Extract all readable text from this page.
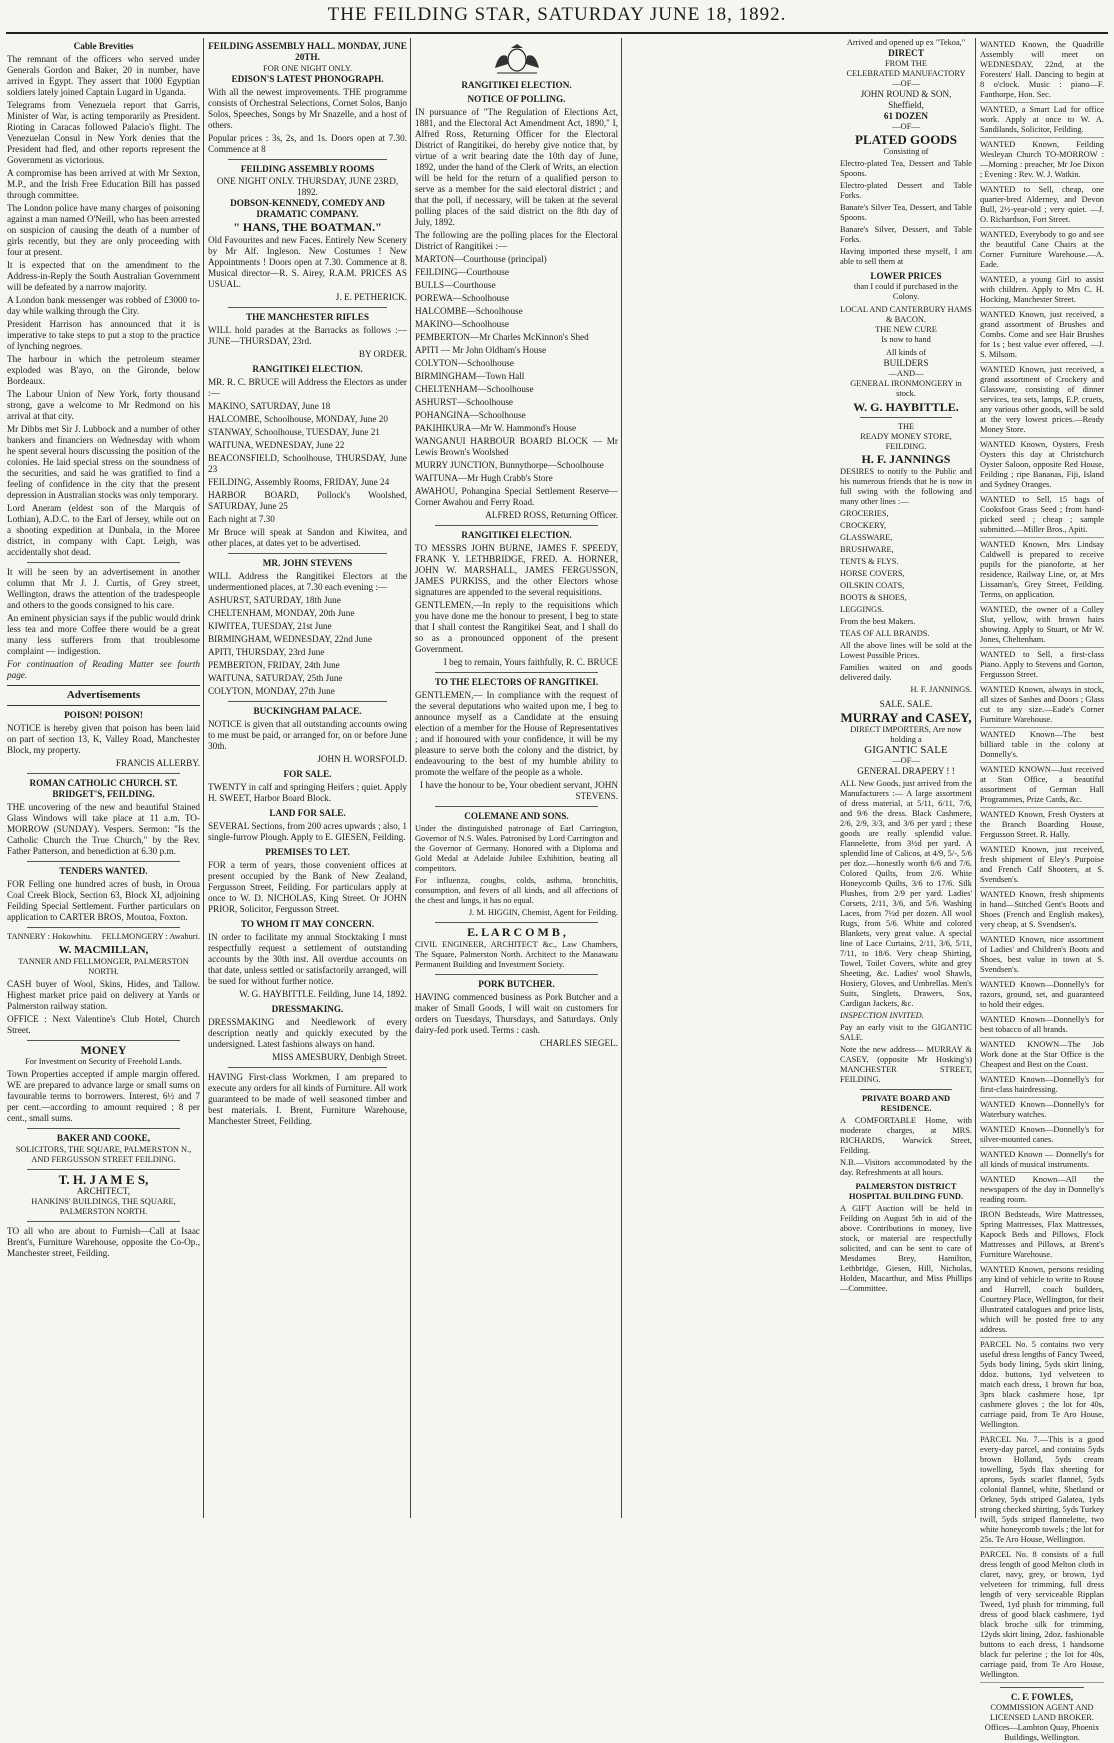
THE FEILDING STAR, SATURDAY JUNE 18, 1892.
Cable Brevities

The remnant of the officers who served under Generals Gordon and Baker, 20 in number, have arrived in Egypt. They assert that 1000 Egyptian soldiers lately joined Captain Lugard in Uganda.

Telegrams from Venezuela report that Garris, Minister of War, is acting temporarily as President. Rioting in Caracas followed Palacio's flight. The Venezuelan Consul in New York denies that the President had fled, and other reports represent the Government as victorious.

A compromise has been arrived at with Mr Sexton, M.P., and the Irish Free Education Bill has passed through committee.

The London police have many charges of poisoning against a man named O'Neill, who has been arrested on suspicion of causing the death of a number of girls recently, but they are only proceeding with four at present.

It is expected that on the amendment to the Address-in-Reply the South Australian Government will be defeated by a narrow majority.

A London bank messenger was robbed of £3000 to-day while walking through the City.

President Harrison has announced that it is imperative to take steps to put a stop to the practice of lynching negroes.

The harbour in which the petroleum steamer exploded was B'ayo, on the Gironde, below Bordeaux.

The Labour Union of New York, forty thousand strong, gave a welcome to Mr Redmond on his arrival at that city.

Mr Dibbs met Sir J. Lubbock and a number of other bankers and financiers on Wednesday with whom he spent several hours discussing the position of the colonies. He laid special stress on the soundness of the securities, and said he was gratified to find a feeling of confidence in the city that the present depression in Australian stocks was only temporary.

Lord Aneram (eldest son of the Marquis of Lothian), A.D.C. to the Earl of Jersey, while out on a shooting expedition at Dunbala, in the Moree district, in company with Capt. Leigh, was accidentally shot dead.

It will be seen by an advertisement in another column that Mr J. J. Curtis, of Grey street, Wellington, draws the attention of the tradespeople and others to the goods consigned to his care.

An eminent physician says if the public would drink less tea and more Coffee there would be a great many less sufferers from that troublesome complaint — indigestion.

For continuation of Reading Matter see fourth page.

Advertisements
POISON! POISON!

NOTICE is hereby given that poison has been laid on part of section 13, K, Valley Road, Manchester Block, my property.

FRANCIS ALLERBY.
ROMAN CATHOLIC CHURCH. ST. BRIDGET'S, FEILDING.

THE uncovering of the new and beautiful Stained Glass Windows will take place at 11 a.m. TO-MORROW (SUNDAY). Vespers. Sermon: "Is the Catholic Church the True Church," by the Rev. Father Patterson, and benediction at 6.30 p.m.

TENDERS WANTED.

FOR Felling one hundred acres of bush, in Oroua Coal Creek Block, Section 63, Block XI, adjoining Feilding Special Settlement. Further particulars on application to CARTER BROS, Moutoa, Foxton.

TANNERY : Hokowhitu. FELLMONGERY : Awahuri.
W. MACMILLAN,
TANNER AND FELLMONGER, PALMERSTON NORTH.

CASH buyer of Wool, Skins, Hides, and Tallow. Highest market price paid on delivery at Yards or Palmerston railway station.

OFFICE : Next Valentine's Club Hotel, Church Street.

MONEY
For Investment on Security of Freehold Lands.

Town Properties accepted if ample margin offered. WE are prepared to advance large or small sums on favourable terms to borrowers. Interest, 6½ and 7 per cent.—according to amount required ; 8 per cent., small sums.

BAKER AND COOKE,
SOLICITORS, THE SQUARE, PALMERSTON N., AND FERGUSSON STREET FEILDING.
T. H. J A M E S,
ARCHITECT,
HANKINS' BUILDINGS, THE SQUARE, PALMERSTON NORTH.

TO all who are about to Furnish—Call at Isaac Brent's, Furniture Warehouse, opposite the Co-Op., Manchester street, Feilding.

FEILDING ASSEMBLY HALL. MONDAY, JUNE 20TH.
FOR ONE NIGHT ONLY.
EDISON'S LATEST PHONOGRAPH.

With all the newest improvements. THE programme consists of Orchestral Selections, Cornet Solos, Banjo Solos, Speeches, Songs by Mr Snazelle, and a host of others.

Popular prices : 3s, 2s, and 1s. Doors open at 7.30. Commence at 8

FEILDING ASSEMBLY ROOMS
ONE NIGHT ONLY. THURSDAY, JUNE 23RD, 1892.
DOBSON-KENNEDY, COMEDY AND DRAMATIC COMPANY.
" HANS, THE BOATMAN."

Old Favourites and new Faces. Entirely New Scenery by Mr Alf. Ingleson. New Costumes ! New Appointments ! Doors open at 7.30. Commence at 8. Musical director—R. S. Airey, R.A.M. PRICES AS USUAL.

J. E. PETHERICK.
THE MANCHESTER RIFLES

WILL hold parades at the Barracks as follows :— JUNE—THURSDAY, 23rd.

BY ORDER.
RANGITIKEI ELECTION.

MR. R. C. BRUCE will Address the Electors as under :—

MAKINO, SATURDAY, June 18

HALCOMBE, Schoolhouse, MONDAY, June 20

STANWAY, Schoolhouse, TUESDAY, June 21

WAITUNA, WEDNESDAY, June 22

BEACONSFIELD, Schoolhouse, THURSDAY, June 23

FEILDING, Assembly Rooms, FRIDAY, June 24

HARBOR BOARD, Pollock's Woolshed, SATURDAY, June 25

Each night at 7.30

Mr Bruce will speak at Sandon and Kiwitea, and other places, at dates yet to be advertised.

MR. JOHN STEVENS

WILL Address the Rangitikei Electors at the undermentioned places, at 7.30 each evening :—

ASHURST, SATURDAY, 18th June

CHELTENHAM, MONDAY, 20th June

KIWITEA, TUESDAY, 21st June

BIRMINGHAM, WEDNESDAY, 22nd June

APITI, THURSDAY, 23rd June

PEMBERTON, FRIDAY, 24th June

WAITUNA, SATURDAY, 25th June

COLYTON, MONDAY, 27th June

BUCKINGHAM PALACE.

NOTICE is given that all outstanding accounts owing to me must be paid, or arranged for, on or before June 30th.

JOHN H. WORSFOLD.
FOR SALE.

TWENTY in calf and springing Heifers ; quiet. Apply H. SWEET, Harbor Board Block.

LAND FOR SALE.

SEVERAL Sections, from 200 acres upwards ; also, 1 single-furrow Plough. Apply to E. GIESEN, Feilding.

PREMISES TO LET.

FOR a term of years, those convenient offices at present occupied by the Bank of New Zealand, Fergusson Street, Feilding. For particulars apply at once to W. D. NICHOLAS, King Street. Or JOHN PRIOR, Solicitor, Fergusson Street.

TO WHOM IT MAY CONCERN.

IN order to facilitate my annual Stocktaking I must respectfully request a settlement of outstanding accounts by the 30th inst. All overdue accounts on that date, unless settled or satisfactorily arranged, will be sued for without further notice.

W. G. HAYBITTLE. Feilding, June 14, 1892.
DRESSMAKING.

DRESSMAKING and Needlework of every description neatly and quickly executed by the undersigned. Latest fashions always on hand.

MISS AMESBURY, Denbigh Street.

HAVING First-class Workmen, I am prepared to execute any orders for all kinds of Furniture. All work guaranteed to be made of well seasoned timber and best materials. I. Brent, Furniture Warehouse, Manchester Street, Feilding.

RANGITIKEI ELECTION.
NOTICE OF POLLING.

IN pursuance of "The Regulation of Elections Act, 1881, and the Electoral Act Amendment Act, 1890," I, Alfred Ross, Returning Officer for the Electoral District of Rangitikei, do hereby give notice that, by virtue of a writ bearing date the 10th day of June, 1892, under the hand of the Clerk of Writs, an election will be held for the return of a qualified person to serve as a member for the said electoral district ; and that the poll, if necessary, will be taken at the several polling places of the said district on the 8th day of July, 1892.

The following are the polling places for the Electoral District of Rangitikei :—

MARTON—Courthouse (principal)

FEILDING—Courthouse

BULLS—Courthouse

POREWA—Schoolhouse

HALCOMBE—Schoolhouse

MAKINO—Schoolhouse

PEMBERTON—Mr Charles McKinnon's Shed

APITI — Mr John Oldham's House

COLYTON—Schoolhouse

BIRMINGHAM—Town Hall

CHELTENHAM—Schoolhouse

ASHURST—Schoolhouse

POHANGINA—Schoolhouse

PAKIHIKURA—Mr W. Hammond's House

WANGANUI HARBOUR BOARD BLOCK — Mr Lewis Brown's Woolshed

MURRY JUNCTION, Bunnythorpe—Schoolhouse

WAITUNA—Mr Hugh Crabb's Store

AWAHOU, Pohangina Special Settlement Reserve—Corner Awahou and Ferry Road.

ALFRED ROSS, Returning Officer.
RANGITIKEI ELECTION.

TO MESSRS JOHN BURNE, JAMES F. SPEEDY, FRANK Y. LETHBRIDGE, FRED. A. HORNER, JOHN W. MARSHALL, JAMES FERGUSSON, JAMES PURKISS, and the other Electors whose signatures are appended to the several requisitions.

GENTLEMEN,—In reply to the requisitions which you have done me the honour to present, I beg to state that I shall contest the Rangitikei Seat, and I shall do so as a pronounced opponent of the present Government.

I beg to remain, Yours faithfully, R. C. BRUCE
TO THE ELECTORS OF RANGITIKEI.

GENTLEMEN,— In compliance with the request of the several deputations who waited upon me, I beg to announce myself as a Candidate at the ensuing election of a member for the House of Representatives ; and if honoured with your confidence, it will be my pleasure to serve both the colony and the district, by endeavouring to the best of my humble ability to promote the welfare of the people as a whole.

I have the honour to be, Your obedient servant, JOHN STEVENS.
COLEMANE AND SONS.

Under the distinguished patronage of Earl Carrington, Governor of N.S. Wales. Patronised by Lord Carrington and the Governor of Germany. Honored with a Diploma and Gold Medal at Adelaide Jubilee Exhibition, beating all competitors.

For influenza, coughs, colds, asthma, bronchitis, consumption, and fevers of all kinds, and all affections of the chest and lungs, it has no equal.

J. M. HIGGIN, Chemist, Agent for Feilding.
E. L A R C O M B ,

CIVIL ENGINEER, ARCHITECT &c., Law Chambers, The Square, Palmerston North. Architect to the Manawatu Permanent Building and Investment Society.

PORK BUTCHER.

HAVING commenced business as Pork Butcher and a maker of Small Goods, I will wait on customers for orders on Tuesdays, Thursdays, and Saturdays. Only dairy-fed pork used. Terms : cash.

CHARLES SIEGEL.
Arrived and opened up ex "Tekoa,"
DIRECT
FROM THE
CELEBRATED MANUFACTORY
—OF—
JOHN ROUND & SON,
Sheffield,
61 DOZEN
—OF—
PLATED GOODS
Consisting of

Electro-plated Tea, Dessert and Table Spoons.

Electro-plated Dessert and Table Forks.

Banare's Silver Tea, Dessert, and Table Spoons.

Banare's Silver, Dessert, and Table Forks.

Having imported these myself, I am able to sell them at

LOWER PRICES
than I could if purchased in the Colony.
LOCAL AND CANTERBURY HAMS & BACON.
THE NEW CURE
Is now to hand
All kinds of
BUILDERS
—AND—
GENERAL IRONMONGERY in stock.
W. G. HAYBITTLE.
THE
READY MONEY STORE, FEILDING.
H. F. JANNINGS

DESIRES to notify to the Public and his numerous friends that he is now in full swing with the following and many other lines :—

GROCERIES,

CROCKERY,

GLASSWARE,

BRUSHWARE,

TENTS & FLYS.

HORSE COVERS,

OILSKIN COATS,

BOOTS & SHOES,

LEGGINGS.

From the best Makers.

TEAS OF ALL BRANDS.

All the above lines will be sold at the Lowest Possible Prices.

Families waited on and goods delivered daily.

H. F. JANNINGS.
SALE. SALE.
MURRAY and CASEY,
DIRECT IMPORTERS, Are now holding a
GIGANTIC SALE
—OF—
GENERAL DRAPERY ! !

ALL New Goods, just arrived from the Manufacturers :— A large assortment of dress material, at 5/11, 6/11, 7/6, and 9/6 the dress. Black Cashmere, 2/6, 2/9, 3/3, and 3/6 per yard ; these goods are really splendid value. Flannelette, from 3½d per yard. A splendid line of Calicos, at 4/9, 5/-, 5/6 per doz.—honestly worth 6/6 and 7/6. Colored Quilts, from 2/6. White Honeycomb Quilts, 3/6 to 17/6. Silk Plushes, from 2/9 per yard. Ladies' Corsets, 2/11, 3/6, and 5/6. Washing Laces, from 7½d per dozen. All wool Rugs, from 5/6. White and colored Blankets, very great value. A special line of Lace Curtains, 2/11, 3/6, 5/11, 7/11, to 18/6. Very cheap Shirting, Towel, Toilet Covers, white and grey Sheeting, &c. Ladies' wool Shawls, Hosiery, Gloves, and Umbrellas. Men's Suits, Singlets, Drawers, Sox, Cardigan Jackets, &c.

INSPECTION INVITED.

Pay an early visit to the GIGANTIC SALE.

Note the new address— MURRAY & CASEY, (opposite Mr Hosking's) MANCHESTER STREET, FEILDING.

PRIVATE BOARD AND RESIDENCE.

A COMFORTABLE Home, with moderate charges, at MRS. RICHARDS, Warwick Street, Feilding.

N.B.—Visitors accommodated by the day. Refreshments at all hours.

PALMERSTON DISTRICT HOSPITAL BUILDING FUND.

A GIFT Auction will be held in Feilding on August 5th in aid of the above. Contributions in money, live stock, or material are respectfully solicited, and can be sent to care of Mesdames Brey, Hamilton, Lethbridge, Giesen, Hill, Nicholas, Holden, Macarthur, and Miss Phillips—Committee.

WANTED Known, the Quadrille Assembly will meet on WEDNESDAY, 22nd, at the Foresters' Hall. Dancing to begin at 8 o'clock. Music : piano—F. Fanthorpe, Hon. Sec.

WANTED, a Smart Lad for office work. Apply at once to W. A. Sandilands, Solicitor, Feilding.

WANTED Known, Feilding Wesleyan Church TO-MORROW :—Morning : preacher, Mr Joe Dixon ; Evening : Rev. W. J. Watkin.

WANTED to Sell, cheap, one quarter-bred Alderney, and Devon Bull, 2½-year-old ; very quiet. —J. O. Richardson, Fort Street.

WANTED, Everybody to go and see the beautiful Cane Chairs at the Corner Furniture Warehouse.—A. Eade.

WANTED, a young Girl to assist with children. Apply to Mrs C. H. Hocking, Manchester Street.

WANTED Known, just received, a grand assortment of Brushes and Combs. Come and see Hair Brushes for 1s ; best value ever offered, —J. S. Milsom.

WANTED Known, just received, a grand assortment of Crockery and Glassware, consisting of dinner services, tea sets, lamps, E.P. cruets, any various other goods, will be sold at the very lowest prices.—Ready Money Store.

WANTED Known, Oysters, Fresh Oysters this day at Christchurch Oyster Saloon, opposite Red House, Feilding ; ripe Bananas, Fiji, Island and Sydney Oranges.

WANTED to Sell, 15 bags of Cooksfoot Grass Seed ; from hand-picked seed ; cheap ; sample submitted.—Miller Bros., Apiti.

WANTED Known, Mrs Lindsay Caldwell is prepared to receive pupils for the pianoforte, at her residence, Railway Line, or, at Mrs Lissaman's, Grey Street, Feilding. Terms, on application.

WANTED, the owner of a Colley Slut, yellow, with brown hairs showing. Apply to Stuart, or Mr W. Jones, Cheltenham.

WANTED to Sell, a first-class Piano. Apply to Stevens and Gorton, Fergusson Street.

WANTED Known, always in stock, all sizes of Sashes and Doors ; Glass cut to any size.—Eade's Corner Furniture Warehouse.

WANTED Known—The best billiard table in the colony at Donnelly's.

WANTED KNOWN—Just received at Stan Office, a beautiful assortment of German Hall Programmes, Prize Cards, &c.

WANTED Known, Fresh Oysters at the Branch Boarding House, Fergusson Street. R. Hally.

WANTED Known, just received, fresh shipment of Eley's Purpoise and French Calf Shooters, at S. Svendsen's.

WANTED Known, fresh shipments in hand—Stitched Gent's Boots and Shoes (French and English makes), very cheap, at S. Svendsen's.

WANTED Known, nice assortment of Ladies' and Children's Boots and Shoes, best value in town at S. Svendsen's.

WANTED Known—Donnelly's for razors, ground, set, and guaranteed to hold their edges.

WANTED Known—Donnelly's for best tobacco of all brands.

WANTED KNOWN—The Job Work done at the Star Office is the Cheapest and Best on the Coast.

WANTED Known—Donnelly's for first-class hairdressing.

WANTED Known—Donnelly's for Waterbury watches.

WANTED Known—Donnelly's for silver-mounted canes.

WANTED Known — Donnelly's for all kinds of musical instruments.

WANTED Known—All the newspapers of the day in Donnelly's reading room.

IRON Bedsteads, Wire Mattresses, Spring Mattresses, Flax Mattresses, Kapock Beds and Pillows, Flock Mattresses and Pillows, at Brent's Furniture Warehouse.

WANTED Known, persons residing any kind of vehicle to write to Rouse and Hurrell, coach builders, Courtney Place, Wellington, for their illustrated catalogues and price lists, which will be posted free to any address.

PARCEL No. 5 contains two very useful dress lengths of Fancy Tweed, 5yds body lining, 5yds skirt lining, ddoz. buttons, 1yd velveteen to match each dress, 1 brown fur boa, 3prs black cashmere hose, 1pr cashmere gloves ; the lot for 40s, carriage paid, from Te Aro House, Wellington.

PARCEL No. 7.—This is a good every-day parcel, and contains 5yds brown Holland, 5yds cream towelling, 5yds flax sheeting for aprons, 5yds scarlet flannel, 5yds colonial flannel, white, Shetland or Orkney, 5yds striped Galatea, 1yds strong checked shirting, 5yds Turkey twill, 5yds striped flannelette, two white honeycomb towels ; the lot for 25s. Te Aro House, Wellington.

PARCEL No. 8 consists of a full dress length of good Melton cloth in claret, navy, grey, or brown, 1yd velveteen for trimming, full dress length of very serviceable Ripplan Tweed, 1yd plush for trimming, full dress of good black cashmere, 1yd black broche silk for trimming, 12yds skirt lining, 2doz. fashionable buttons to each dress, 1 handsome black fur pelerine ; the lot for 40s, carriage paid, from Te Aro House, Wellington.

C. F. FOWLES,
COMMISSION AGENT AND LICENSED LAND BROKER.
Offices—Lambton Quay, Phoenix Buildings, Wellington.
